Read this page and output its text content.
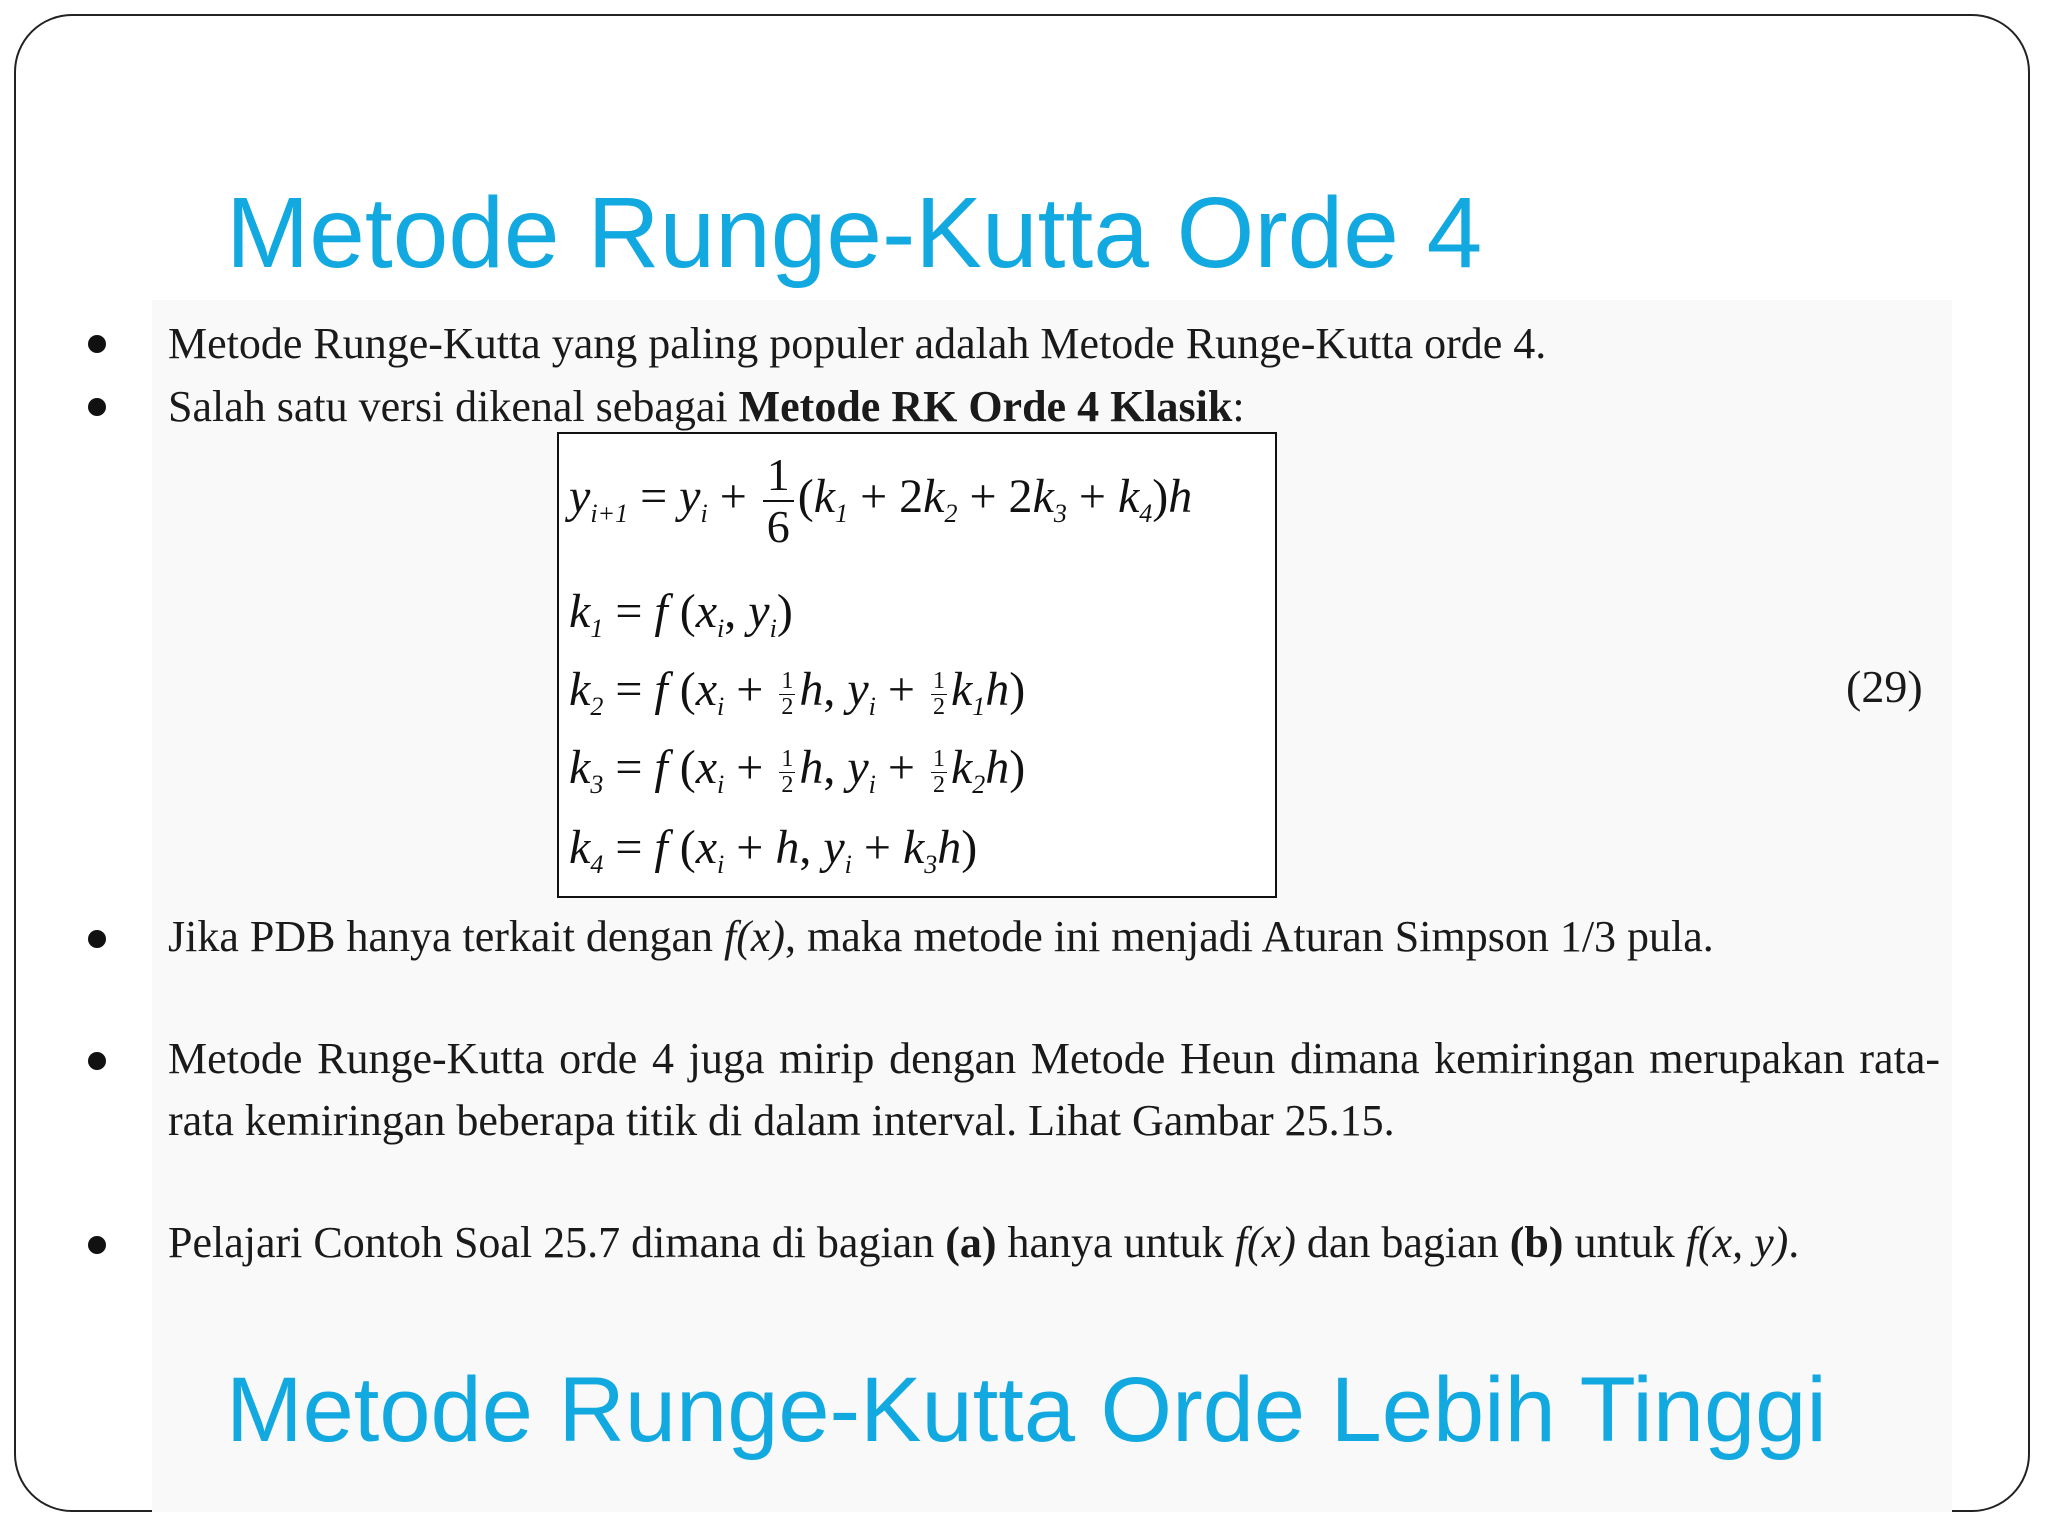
Metode Runge-Kutta Orde 4

Metode Runge-Kutta yang paling populer adalah Metode Runge-Kutta orde 4.

Salah satu versi dikenal sebagai Metode RK Orde 4 Klasik:

$y_{i+1} = y_i + \frac{1}{6} (k_1 + 2k_2 + 2k_3 + k_4)h$
$k_1 = f$ ($x_i$, $y_i$)
$k_2 = f$ ($x_i + \frac{1}{2} h$, $y_i + \frac{1}{2} k_1h$)
$k_3 = f$ ($x_i + \frac{1}{2} h$, $y_i + \frac{1}{2} k_2h$)
$k_4 = f$ ($x_i + h$, $y_i + k_3h$)
(29)

Jika PDB hanya terkait dengan f(x), maka metode ini menjadi Aturan Simpson 1/3 pula.

Metode Runge-Kutta orde 4 juga mirip dengan Metode Heun dimana kemiringan merupakan rata-rata kemiringan beberapa titik di dalam interval. Lihat Gambar 25.15.

Pelajari Contoh Soal 25.7 dimana di bagian (a) hanya untuk f(x) dan bagian (b) untuk f(x, y).

Metode Runge-Kutta Orde Lebih Tinggi
